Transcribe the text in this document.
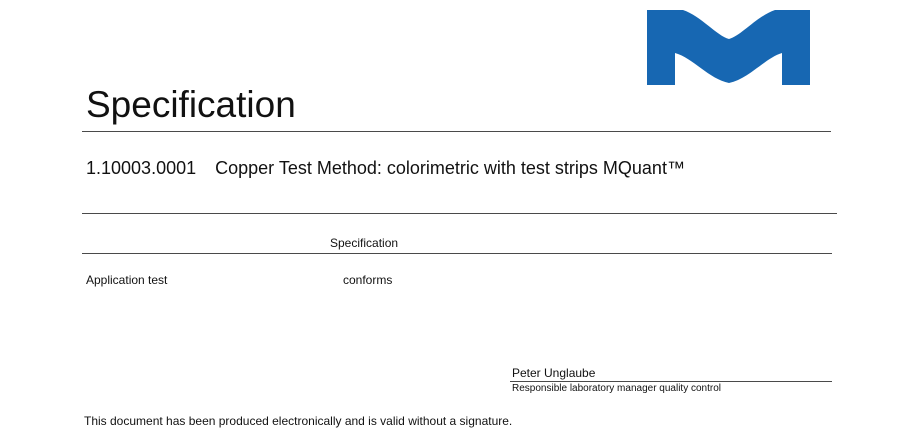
Specification
1.10003.0001 Copper Test Method: colorimetric with test strips MQuant™
Specification
Application test	conforms
Peter Unglaube
Responsible laboratory manager quality control
This document has been produced electronically and is valid without a signature.
